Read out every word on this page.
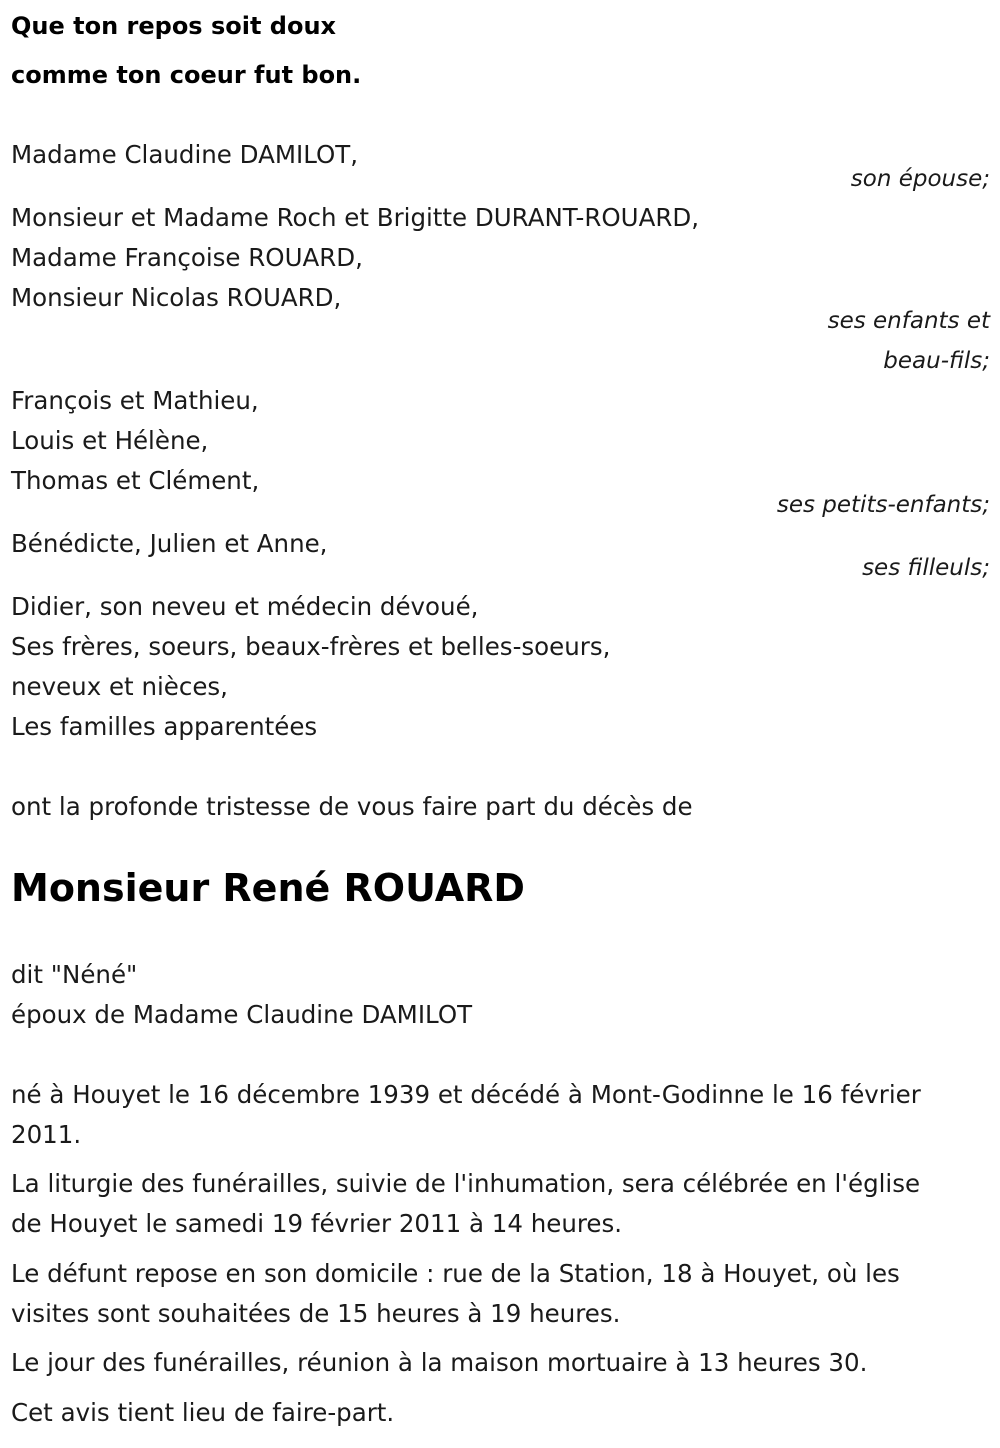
Que ton repos soit doux
comme ton coeur fut bon.
Madame Claudine DAMILOT,
son épouse;
Monsieur et Madame Roch et Brigitte DURANT-ROUARD,
Madame Françoise ROUARD,
Monsieur Nicolas ROUARD,
ses enfants et
beau-fils;
François et Mathieu,
Louis et Hélène,
Thomas et Clément,
ses petits-enfants;
Bénédicte, Julien et Anne,
ses filleuls;
Didier, son neveu et médecin dévoué,
Ses frères, soeurs, beaux-frères et belles-soeurs,
neveux et nièces,
Les familles apparentées
ont la profonde tristesse de vous faire part du décès de
Monsieur René ROUARD
dit "Néné"
époux de Madame Claudine DAMILOT
né à Houyet le 16 décembre 1939 et décédé à Mont-Godinne le 16 février
2011.
La liturgie des funérailles, suivie de l'inhumation, sera célébrée en l'église
de Houyet le samedi 19 février 2011 à 14 heures.
Le défunt repose en son domicile : rue de la Station, 18 à Houyet, où les
visites sont souhaitées de 15 heures à 19 heures.
Le jour des funérailles, réunion à la maison mortuaire à 13 heures 30.
Cet avis tient lieu de faire-part.
